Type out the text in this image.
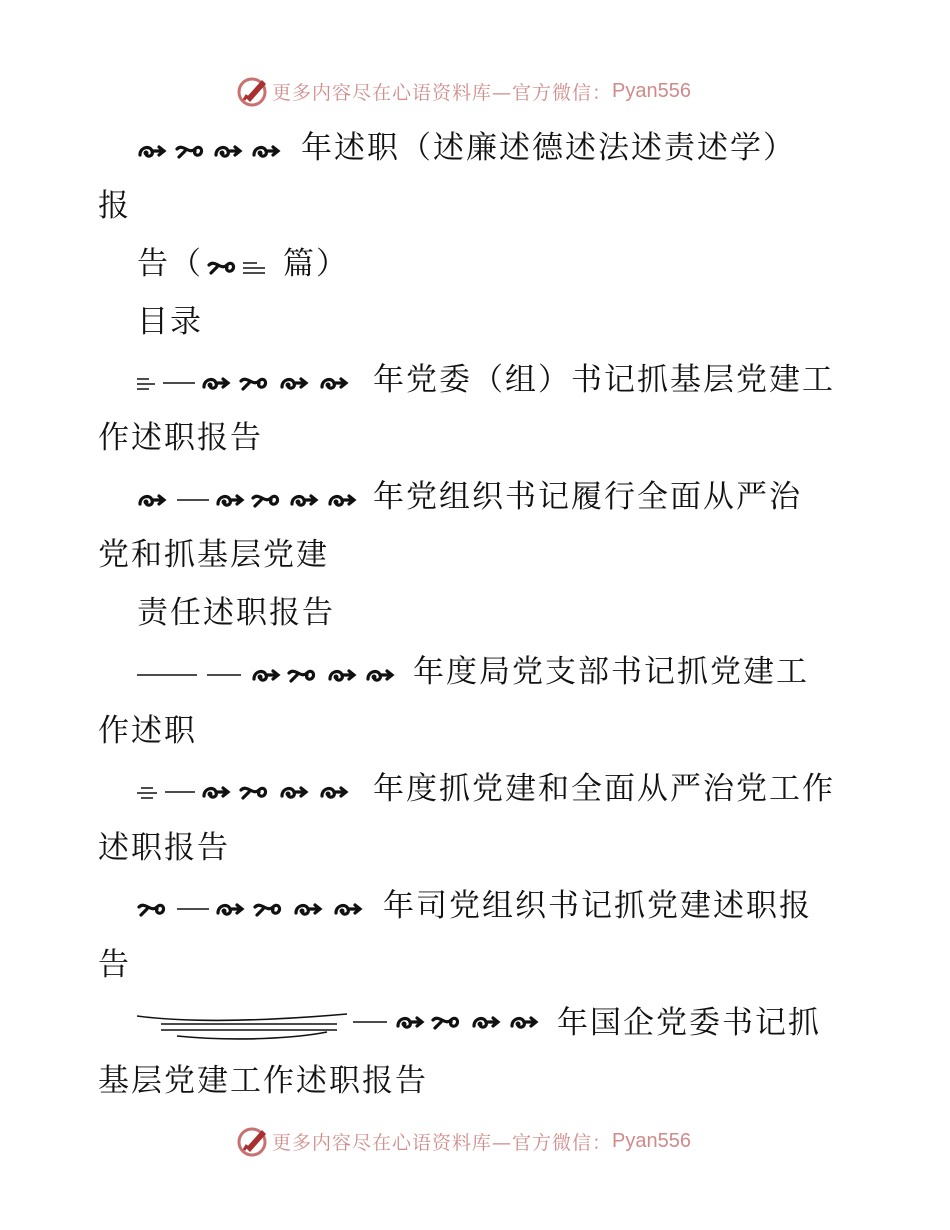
更多内容尽在心语资料库—官方微信： Pyan556
年述职（述廉述德述法述责述学）
报
告（	篇）
目录
年党委（组）书记抓基层党建工
作述职报告
年党组织书记履行全面从严治
党和抓基层党建
责任述职报告
年度局党支部书记抓党建工
作述职
年度抓党建和全面从严治党工作
述职报告
年司党组织书记抓党建述职报
告
年国企党委书记抓
基层党建工作述职报告
更多内容尽在心语资料库—官方微信： Pyan556
